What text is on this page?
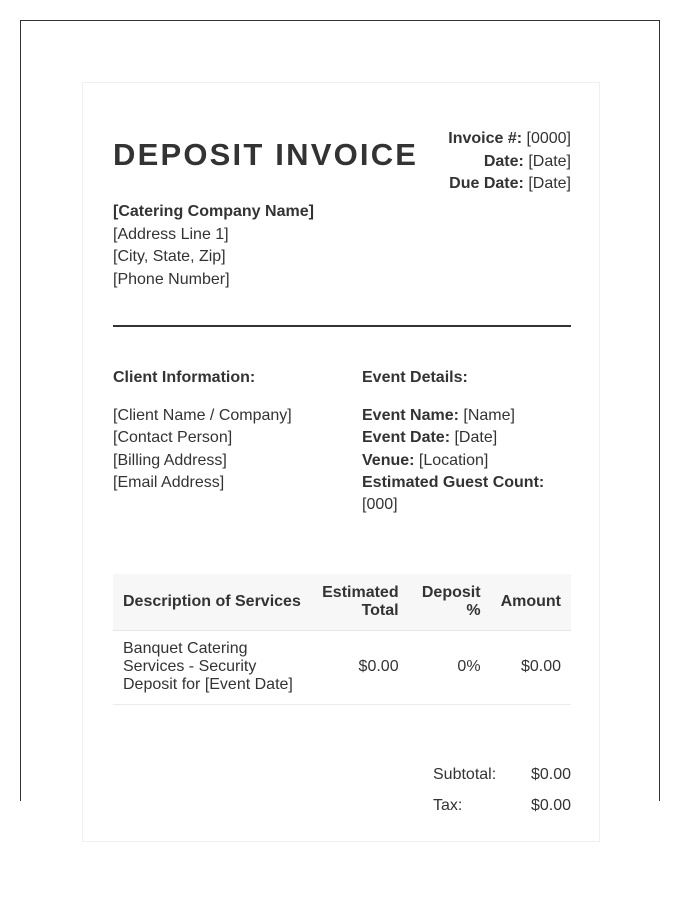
DEPOSIT INVOICE Invoice #: [0000]
Date: [Date]
Due Date: [Date]
[Catering Company Name]
[Address Line 1]
[City, State, Zip]
[Phone Number]
Client Information:
[Client Name / Company]
[Contact Person]
[Billing Address]
[Email Address]
Event Details:
Event Name: [Name]
Event Date: [Date]
Venue: [Location]
Estimated Guest Count: [000]
Description of Services	Estimated Total	Deposit %	Amount
Banquet Catering Services - Security Deposit for [Event Date]	$0.00	0%	$0.00
Subtotal:	$0.00
Tax:	$0.00
